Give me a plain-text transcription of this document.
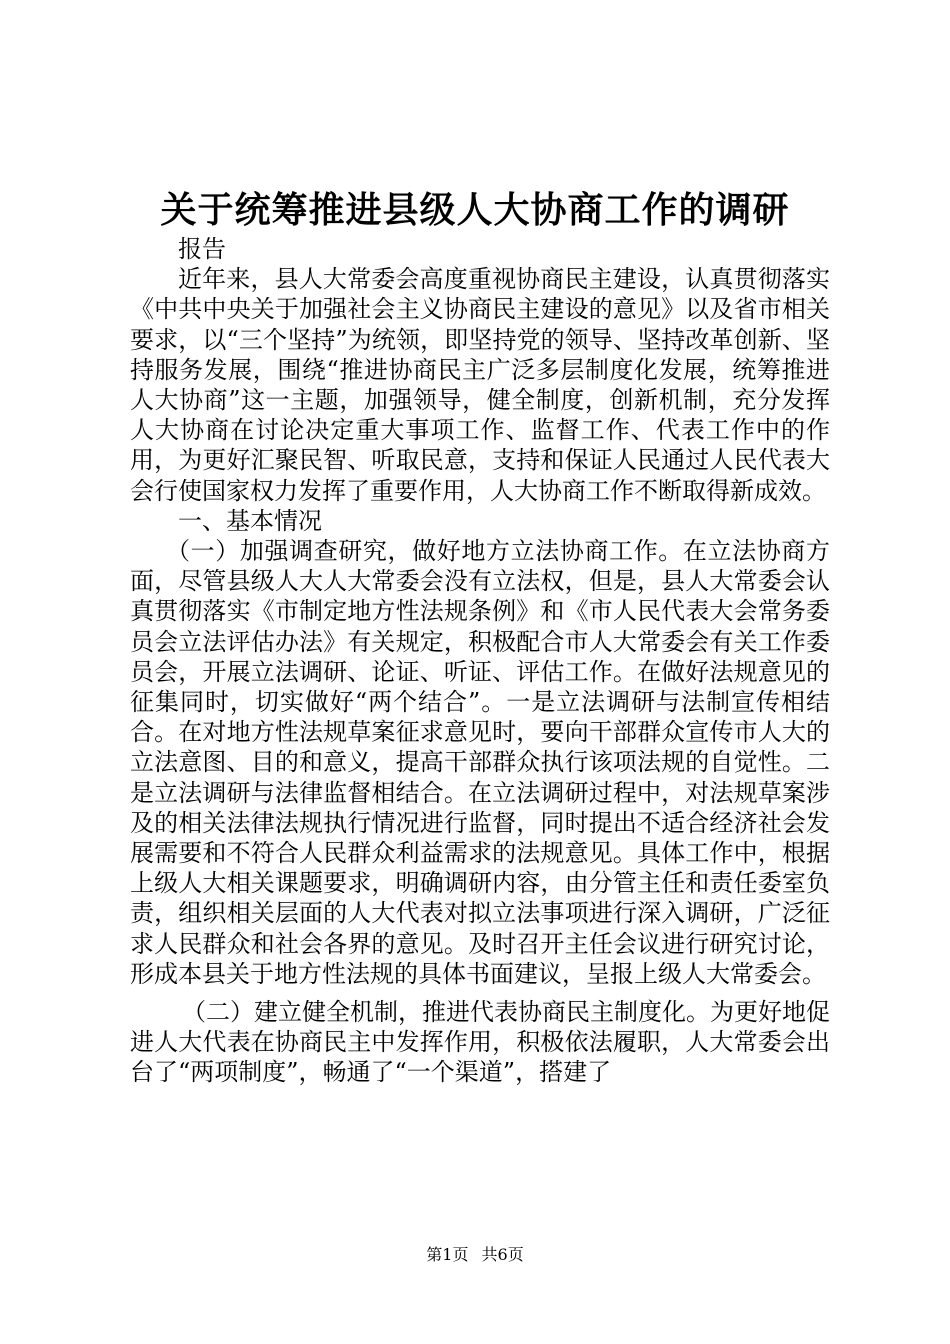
关于统筹推进县级人大协商工作的调研

报告

近年来，县人大常委会高度重视协商民主建设，认真贯彻落实《中共中央关于加强社会主义协商民主建设的意见》以及省市相关要求，以“三个坚持”为统领，即坚持党的领导、坚持改革创新、坚持服务发展，围绕“推进协商民主广泛多层制度化发展，统筹推进人大协商”这一主题，加强领导，健全制度，创新机制，充分发挥人大协商在讨论决定重大事项工作、监督工作、代表工作中的作用，为更好汇聚民智、听取民意，支持和保证人民通过人民代表大会行使国家权力发挥了重要作用，人大协商工作不断取得新成效。

一、基本情况

（一）加强调查研究，做好地方立法协商工作。在立法协商方面，尽管县级人大人大常委会没有立法权，但是，县人大常委会认真贯彻落实《市制定地方性法规条例》和《市人民代表大会常务委员会立法评估办法》有关规定，积极配合市人大常委会有关工作委员会，开展立法调研、论证、听证、评估工作。在做好法规意见的征集同时，切实做好“两个结合”。一是立法调研与法制宣传相结合。在对地方性法规草案征求意见时，要向干部群众宣传市人大的立法意图、目的和意义，提高干部群众执行该项法规的自觉性。二是立法调研与法律监督相结合。在立法调研过程中，对法规草案涉及的相关法律法规执行情况进行监督，同时提出不适合经济社会发展需要和不符合人民群众利益需求的法规意见。具体工作中，根据上级人大相关课题要求，明确调研内容，由分管主任和责任委室负责，组织相关层面的人大代表对拟立法事项进行深入调研，广泛征求人民群众和社会各界的意见。及时召开主任会议进行研究讨论，形成本县关于地方性法规的具体书面建议，呈报上级人大常委会。

（二）建立健全机制，推进代表协商民主制度化。为更好地促进人大代表在协商民主中发挥作用，积极依法履职，人大常委会出台了“两项制度”，畅通了“一个渠道”，搭建了

第1页 共6页
